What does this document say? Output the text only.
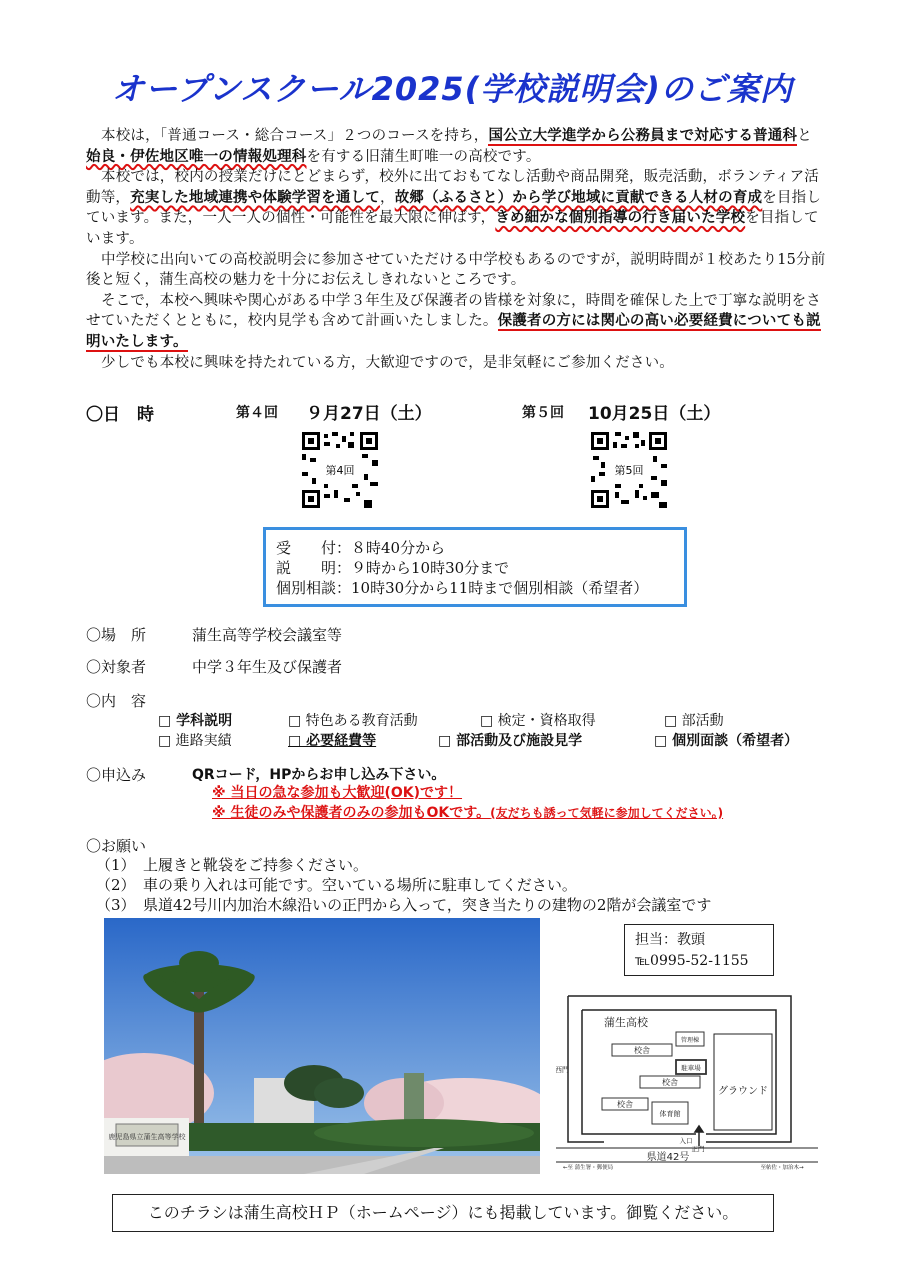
オープンスクール2025(学校説明会)のご案内

本校は，「普通コース・総合コース」２つのコースを持ち，国公立大学進学から公務員まで対応する普通科と始良・伊佐地区唯一の情報処理科を有する旧蒲生町唯一の高校です。

本校では，校内の授業だけにとどまらず，校外に出ておもてなし活動や商品開発，販売活動，ボランティア活動等，充実した地域連携や体験学習を通して，故郷（ふるさと）から学び地域に貢献できる人材の育成を目指しています。また，一人一人の個性・可能性を最大限に伸ばす，きめ細かな個別指導の行き届いた学校を目指しています。

中学校に出向いての高校説明会に参加させていただける中学校もあるのですが，説明時間が１校あたり15分前後と短く，蒲生高校の魅力を十分にお伝えしきれないところです。

そこで，本校へ興味や関心がある中学３年生及び保護者の皆様を対象に，時間を確保した上で丁寧な説明をさせていただくとともに，校内見学も含めて計画いたしました。保護者の方には関心の高い必要経費についても説明いたします。

少しでも本校に興味を持たれている方，大歓迎ですので，是非気軽にご参加ください。

〇日　時	第４回 ９月27日（土）	第５回 10月25日（土）
第4回	第5回
受　　付：８時40分から
説　　明：９時から10時30分まで
個別相談：10時30分から11時まで個別相談（希望者）
〇場　所	蒲生高等学校会議室等
〇対象者	中学３年生及び保護者
〇内　容
□ 学科説明	□ 特色ある教育活動	□ 検定・資格取得	□ 部活動
□ 進路実績	□ 必要経費等	□ 部活動及び施設見学	□ 個別面談（希望者）
〇申込み	QRコード，HPからお申し込み下さい。
※ 当日の急な参加も大歓迎(OK)です！
※ 生徒のみや保護者のみの参加もOKです。(友だちも誘って気軽に参加してください。)
〇お願い
（1）　上履きと靴袋をご持参ください。
（2）　車の乗り入れは可能です。空いている場所に駐車してください。
（3）　県道42号川内加治木線沿いの正門から入って，突き当たりの建物の2階が会議室です
鹿児島県立蒲生高等学校
担当：教頭
℡0995-52-1155
蒲生高校
校舎
管理棟
駐車場
校舎
校舎
体育館
グラウンド
西門
入口
正門
県道42号
←至 蒲生署・郵便局	至帖佐・加治木→
このチラシは蒲生高校ＨＰ（ホームページ）にも掲載しています。御覧ください。
